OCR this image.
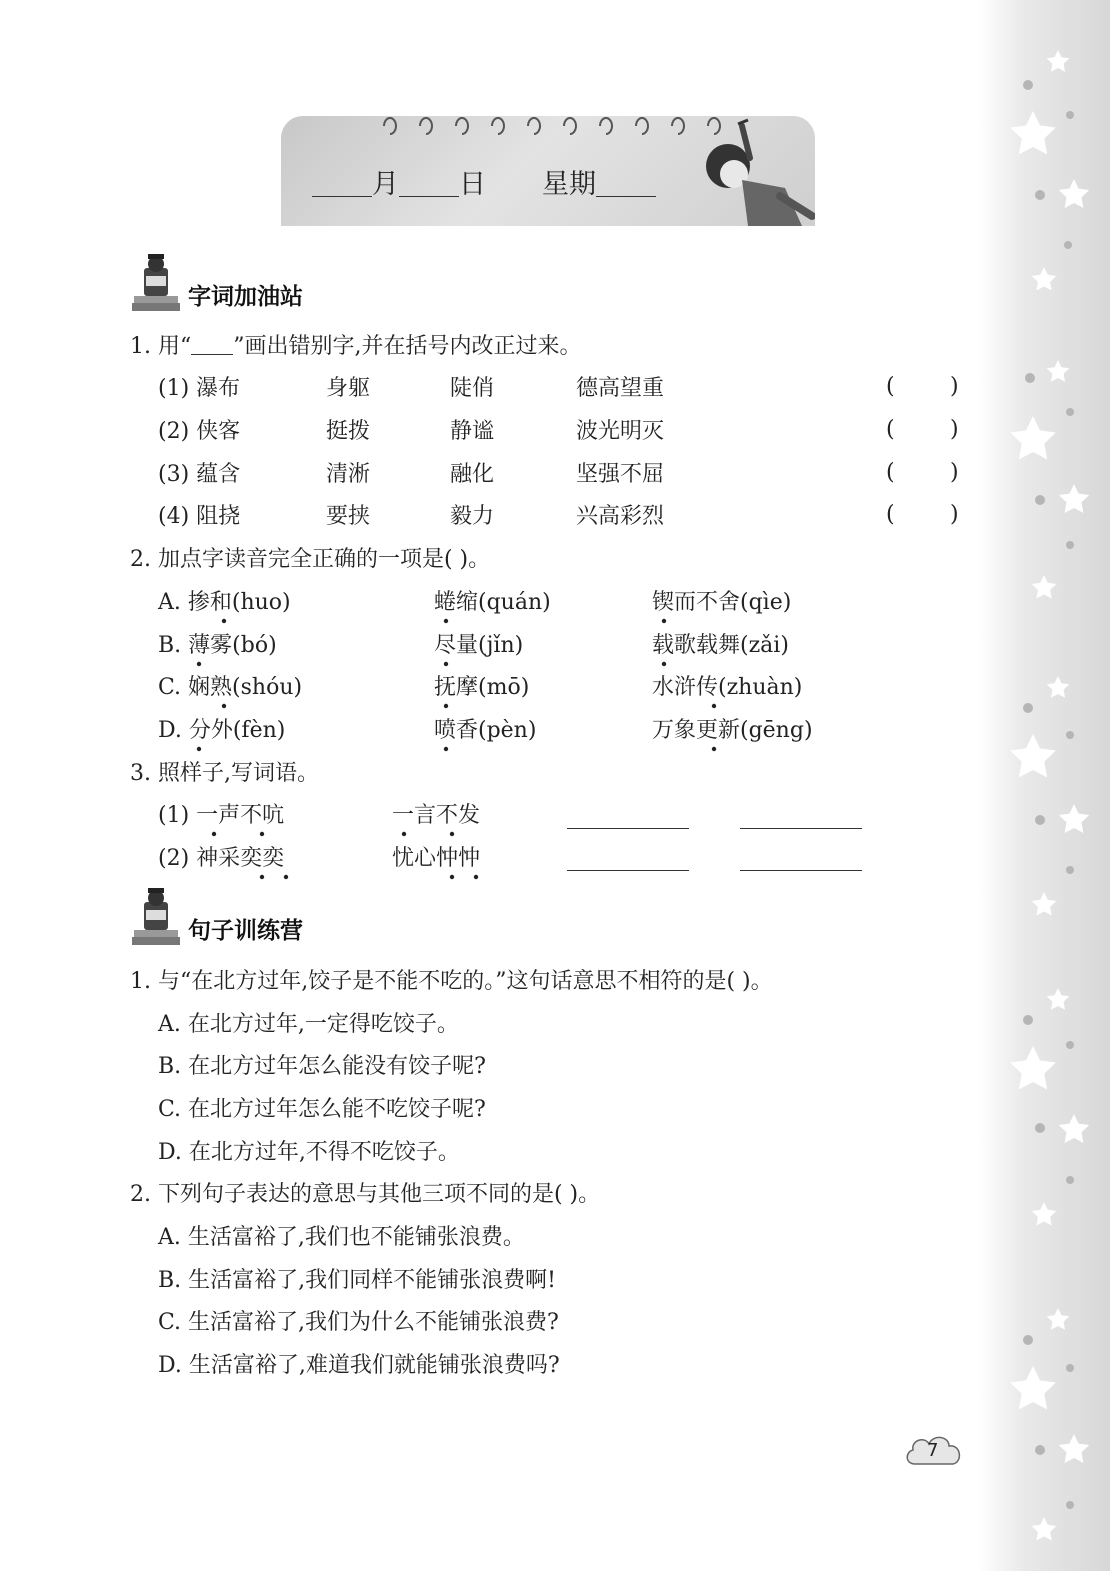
月 日 星期
字词加油站
1. 用“ ”画出错别字,并在括号内改正过来。
(1) 瀑布	身躯	陡俏	德高望重	(	)
(2) 侠客	挺拨	静谧	波光明灭	(	)
(3) 蕴含	清淅	融化	坚强不屈	(	)
(4) 阻挠	要挟	毅力	兴高彩烈	(	)
2. 加点字读音完全正确的一项是( )。
A. 掺和(huo)	蜷缩(quán)	锲而不舍(qìe)
B. 薄雾(bó)	尽量(jǐn)	载歌载舞(zǎi)
C. 娴熟(shóu)	抚摩(mō)	水浒传(zhuàn)
D. 分外(fèn)	喷香(pèn)	万象更新(gēng)
3. 照样子,写词语。
(1) 一声不吭	一言不发
(2) 神采奕奕	忧心忡忡
句子训练营
1. 与“在北方过年,饺子是不能不吃的。”这句话意思不相符的是( )。
A. 在北方过年,一定得吃饺子。
B. 在北方过年怎么能没有饺子呢?
C. 在北方过年怎么能不吃饺子呢?
D. 在北方过年,不得不吃饺子。
2. 下列句子表达的意思与其他三项不同的是( )。
A. 生活富裕了,我们也不能铺张浪费。
B. 生活富裕了,我们同样不能铺张浪费啊!
C. 生活富裕了,我们为什么不能铺张浪费?
D. 生活富裕了,难道我们就能铺张浪费吗?
7
